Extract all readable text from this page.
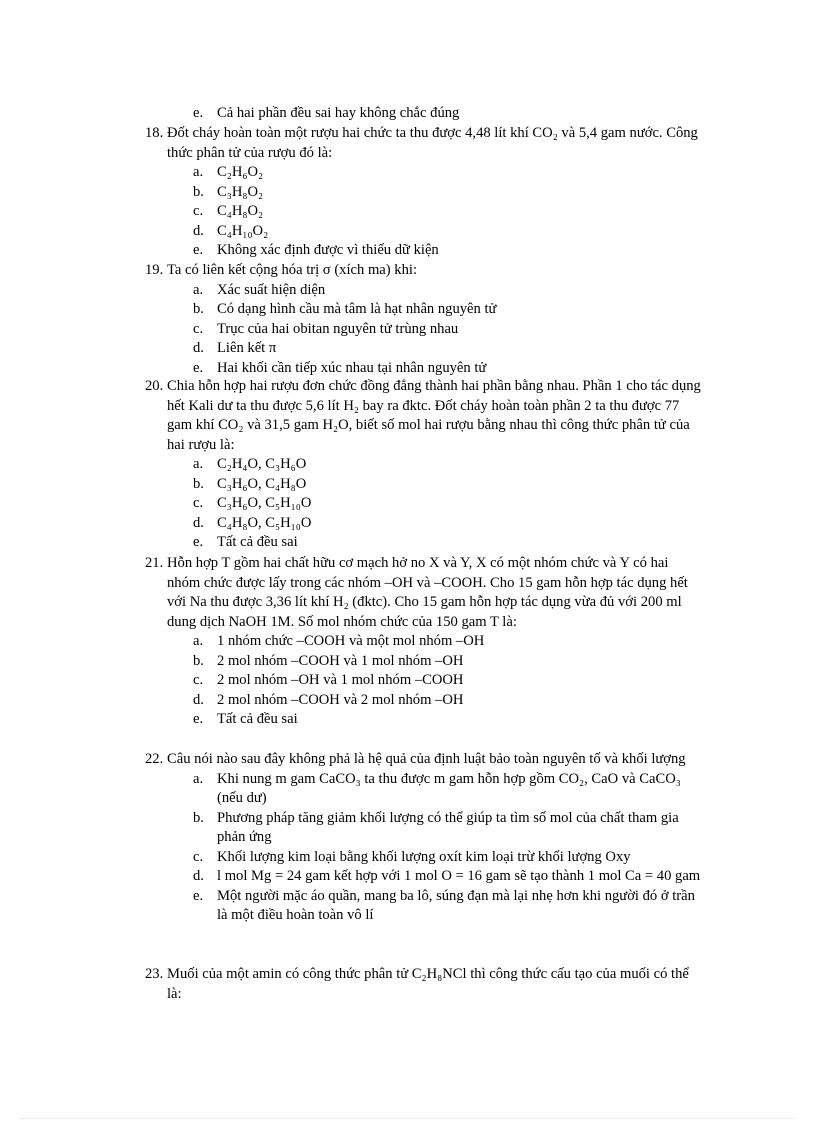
e. Cả hai phần đều sai hay không chắc đúng
18. Đốt cháy hoàn toàn một rượu hai chức ta thu được 4,48 lít khí CO₂ và 5,4 gam nước. Công thức phân tử của rượu đó là:
a. C₂H₆O₂
b. C₃H₈O₂
c. C₄H₈O₂
d. C₄H₁₀O₂
e. Không xác định được vì thiếu dữ kiện
19. Ta có liên kết cộng hóa trị σ (xích ma) khi:
a. Xác suất hiện diện
b. Có dạng hình cầu mà tâm là hạt nhân nguyên tử
c. Trục của hai obitan nguyên tử trùng nhau
d. Liên kết π
e. Hai khối cần tiếp xúc nhau tại nhân nguyên tử
20. Chia hỗn hợp hai rượu đơn chức đồng đẳng thành hai phần bằng nhau. Phần 1 cho tác dụng hết Kali dư ta thu được 5,6 lít H₂ bay ra đktc. Đốt cháy hoàn toàn phần 2 ta thu được 77 gam khí CO₂ và 31,5 gam H₂O, biết số mol hai rượu bằng nhau thì công thức phân tử của hai rượu là:
a. C₂H₄O, C₃H₆O
b. C₃H₆O, C₄H₈O
c. C₃H₆O, C₅H₁₀O
d. C₄H₈O, C₅H₁₀O
e. Tất cả đều sai
21. Hỗn hợp T gồm hai chất hữu cơ mạch hở no X và Y, X có một nhóm chức và Y có hai nhóm chức được lấy trong các nhóm –OH và –COOH. Cho 15 gam hỗn hợp tác dụng hết với Na thu được 3,36 lít khí H₂ (đktc). Cho 15 gam hỗn hợp tác dụng vừa đủ với 200 ml dung dịch NaOH 1M. Số mol nhóm chức của 150 gam T là:
a. 1 nhóm chức –COOH và một mol nhóm –OH
b. 2 mol nhóm –COOH và 1 mol nhóm –OH
c. 2 mol nhóm –OH và 1 mol nhóm –COOH
d. 2 mol nhóm –COOH và 2 mol nhóm –OH
e. Tất cả đều sai
22. Câu nói nào sau đây không phả là hệ quả của định luật bảo toàn nguyên tố và khối lượng
a. Khi nung m gam CaCO₃ ta thu được m gam hỗn hợp gồm CO₂, CaO và CaCO₃ (nếu dư)
b. Phương pháp tăng giảm khối lượng có thể giúp ta tìm số mol của chất tham gia phản ứng
c. Khối lượng kim loại bằng khối lượng oxít kim loại trừ khối lượng Oxy
d. l mol Mg = 24 gam kết hợp với 1 mol O = 16 gam sẽ tạo thành 1 mol Ca = 40 gam
e. Một người mặc áo quần, mang ba lô, súng đạn mà lại nhẹ hơn khi người đó ở trần là một điều hoàn toàn vô lí
23. Muối của một amin có công thức phân tử C₂H₈NCl thì công thức cấu tạo của muối có thể là:
